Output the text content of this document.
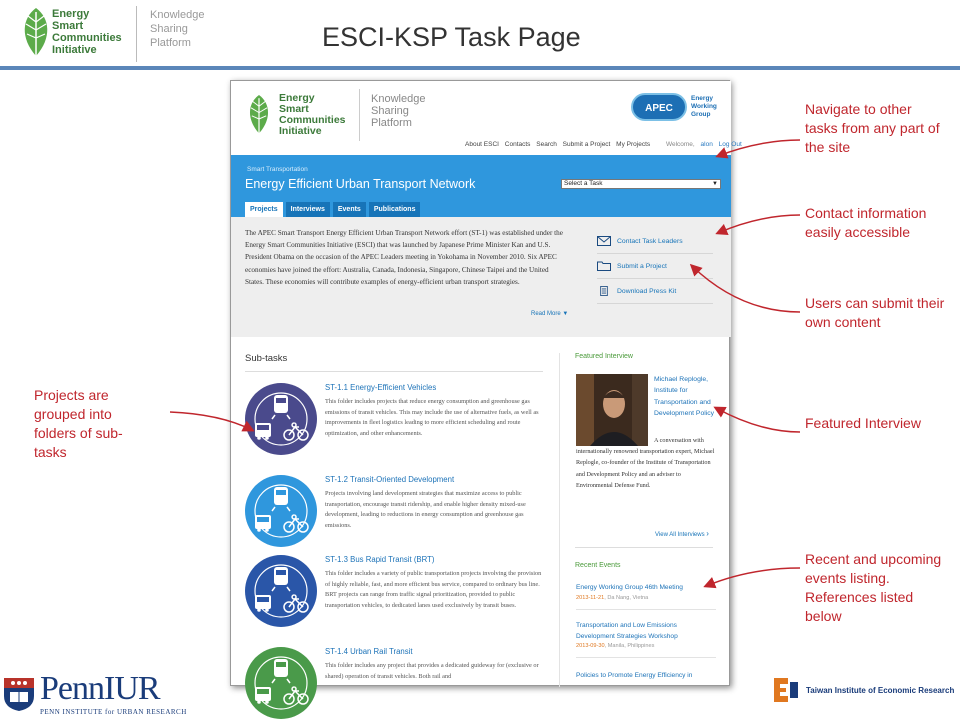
Energy
Smart
Communities
Initiative
Knowledge
Sharing
Platform	ESCI-KSP Task Page
Energy
Smart
Communities
Initiative
Knowledge
Sharing
Platform
APEC
Energy
Working
Group
About ESCI Contacts Search Submit a Project My Projects Welcome, alon Log Out
Smart Transportation
Energy Efficient Urban Transport Network	Select a Task	▼
Projects	Interviews	Events	Publications
The APEC Smart Transport Energy Efficient Urban Transport Network effort (ST-1) was established under the Energy Smart Communities Initiative (ESCI) that was launched by Japanese Prime Minister Kan and U.S. President Obama on the occasion of the APEC Leaders meeting in Yokohama in November 2010. Six APEC economies have joined the effort: Australia, Canada, Indonesia, Singapore, Chinese Taipei and the United States. These economies will contribute examples of energy-efficient urban transport strategies.
Contact Task Leaders
Submit a Project
Download Press Kit
Read More ▼
Sub-tasks
ST-1.1 Energy-Efficient Vehicles
This folder includes projects that reduce energy consumption and greenhouse gas emissions of transit vehicles. This may include the use of alternative fuels, as well as improvements in fleet logistics leading to more efficient scheduling and route optimization, and other enhancements.
ST-1.2 Transit-Oriented Development
Projects involving land development strategies that maximize access to public transportation, encourage transit ridership, and enable higher density mixed-use development, leading to reductions in energy consumption and greenhouse gas emissions.
ST-1.3 Bus Rapid Transit (BRT)
This folder includes a variety of public transportation projects involving the provision of highly reliable, fast, and more efficient bus service, compared to ordinary bus line. BRT projects can range from traffic signal prioritization, provided to public transportation vehicles, to dedicated lanes used exclusively by transit buses.
ST-1.4 Urban Rail Transit
This folder includes any project that provides a dedicated guideway for (exclusive or shared) operation of transit vehicles. Both rail and
Featured Interview
Michael Replogle, Institute for Transportation and Development Policy
A conversation with internationally renowned transportation expert, Michael Replogle, co-founder of the Institute of Transportation and Development Policy and an adviser to Environmental Defense Fund.
View All Interviews ›
Recent Events
Energy Working Group 46th Meeting
2013-11-21, Da Nang, Vietna
Transportation and Low Emissions Development Strategies Workshop
2013-09-30, Manila, Philippines
Policies to Promote Energy Efficiency in
Navigate to other tasks from any part of the site
Contact information easily accessible
Users can submit their own content
Featured Interview
Recent and upcoming events listing. References listed below
Projects are grouped into folders of sub-tasks
PennIUR
PENN INSTITUTE for URBAN RESEARCH
Taiwan Institute of Economic Research
